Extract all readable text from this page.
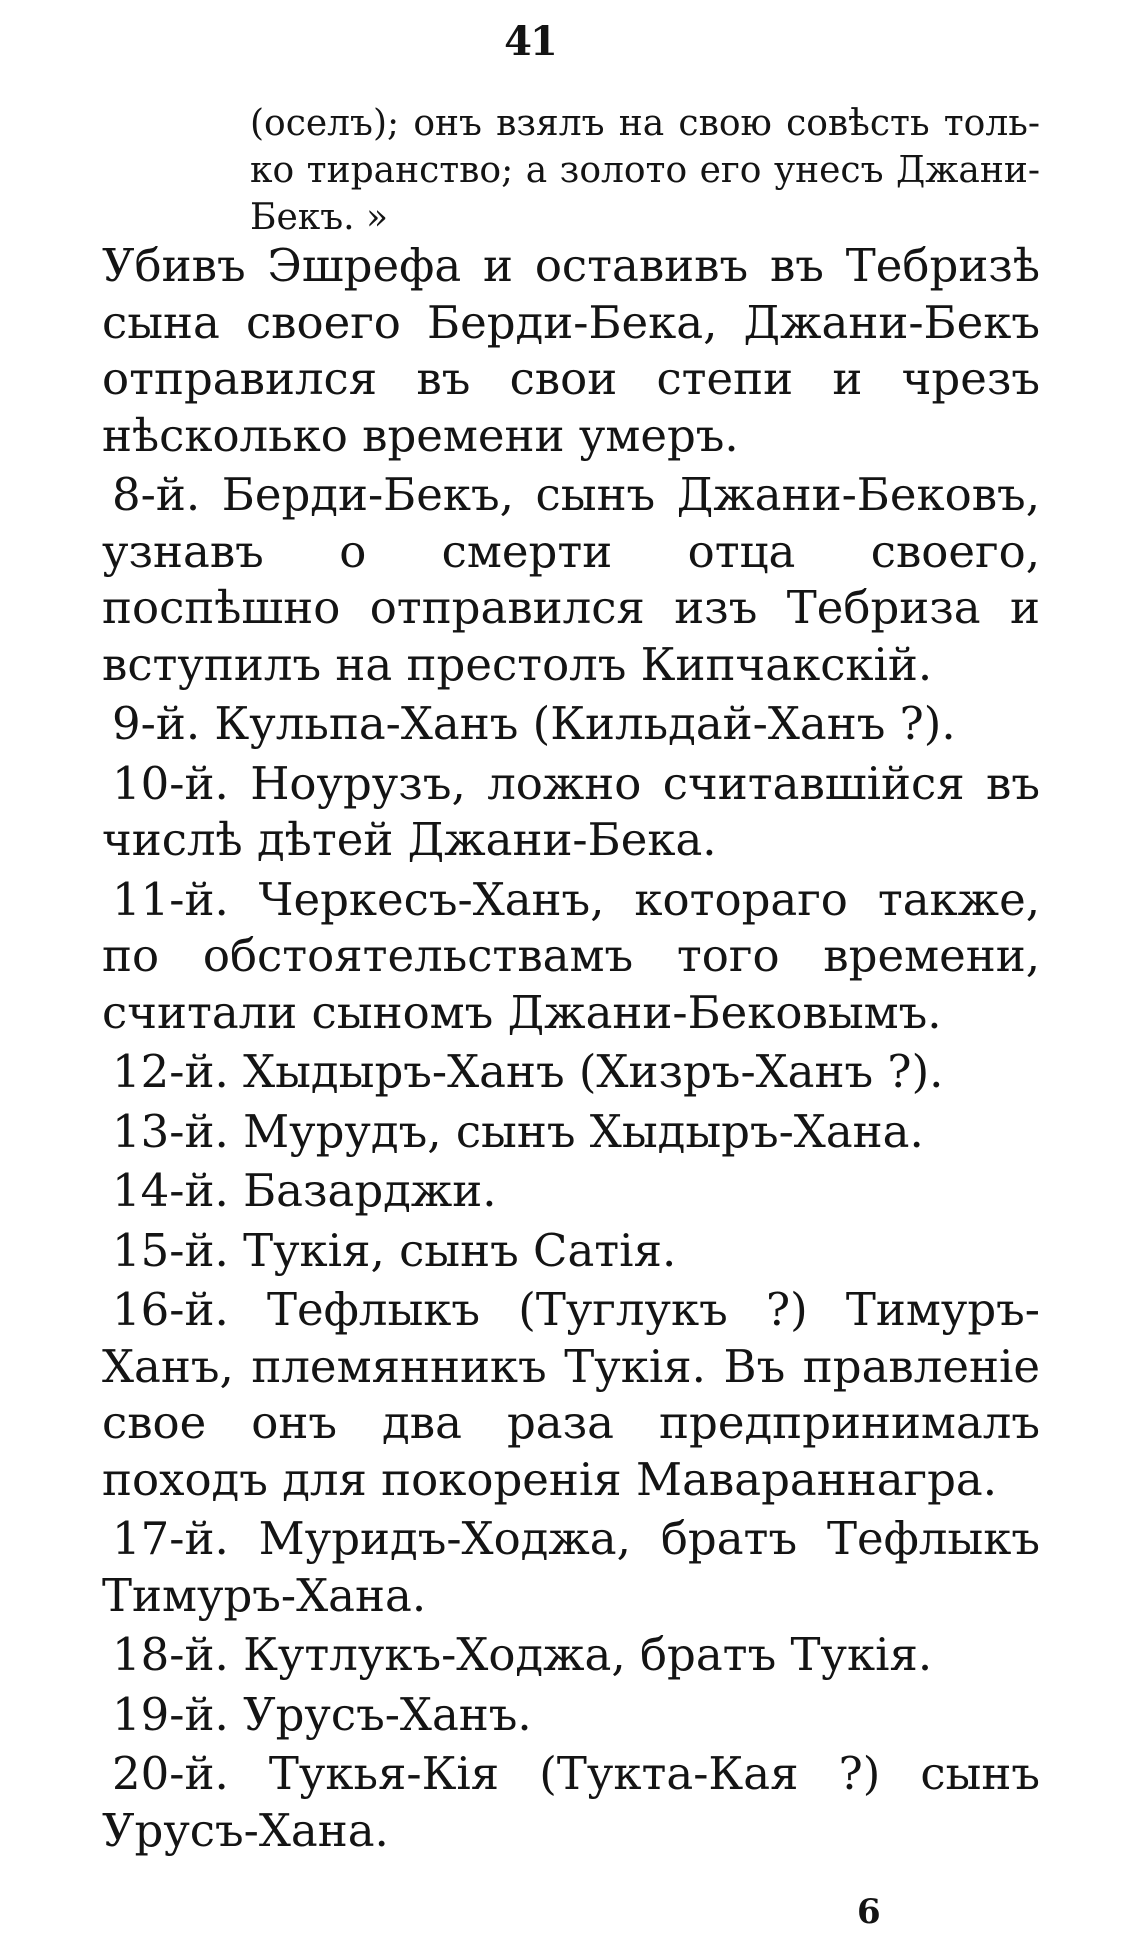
41

(оселъ); онъ взялъ на свою совѣсть толь-ко тиранство; а золото его унесъ Джани-Бекъ. »

Убивъ Эшрефа и оставивъ въ Тебризѣ сына своего Берди-Бека, Джани-Бекъ отправился въ свои степи и чрезъ нѣсколько времени умеръ.

8-й. Берди-Бекъ, сынъ Джани-Бековъ, узнавъ о смерти отца своего, поспѣшно отправился изъ Тебриза и вступилъ на престолъ Кипчакскій.

9-й. Кульпа-Ханъ (Кильдай-Ханъ ?).

10-й. Ноурузъ, ложно считавшійся въ числѣ дѣтей Джани-Бека.

11-й. Черкесъ-Ханъ, котораго также, по обстоятельствамъ того времени, считали сыномъ Джани-Бековымъ.

12-й. Хыдыръ-Ханъ (Хизръ-Ханъ ?).

13-й. Мурудъ, сынъ Хыдыръ-Хана.

14-й. Базарджи.

15-й. Тукія, сынъ Сатія.

16-й. Тефлыкъ (Туглукъ ?) Тимуръ-Ханъ, племянникъ Тукія. Въ правленіе свое онъ два раза предпринималъ походъ для покоренія Мавараннагра.

17-й. Муридъ-Ходжа, братъ Тефлыкъ Тимуръ-Хана.

18-й. Кутлукъ-Ходжа, братъ Тукія.

19-й. Урусъ-Ханъ.

20-й. Тукья-Кія (Тукта-Кая ?) сынъ Урусъ-Хана.

6
